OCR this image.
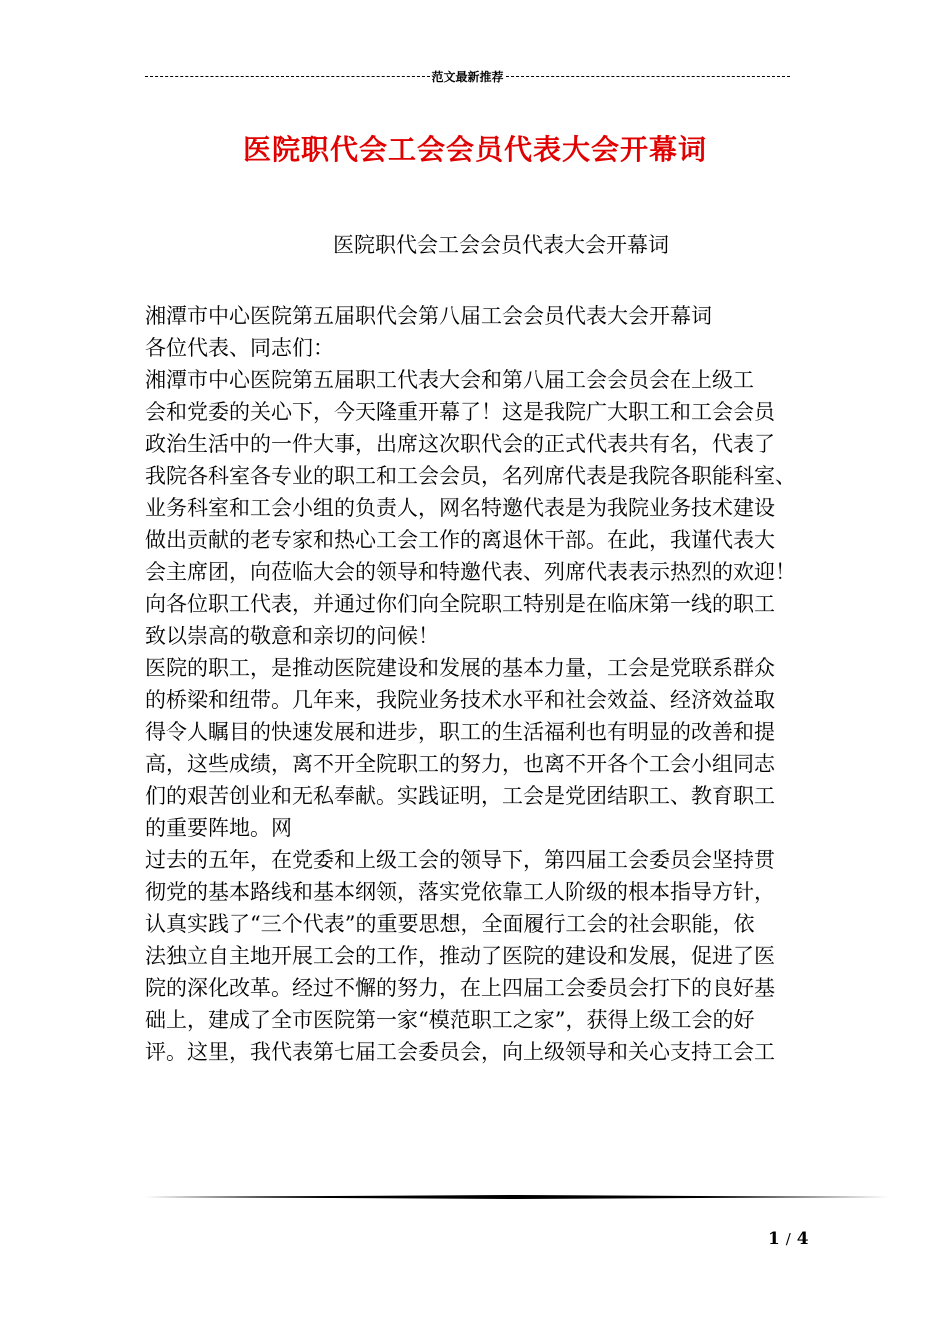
范文最新推荐
医院职代会工会会员代表大会开幕词
医院职代会工会会员代表大会开幕词
湘潭市中心医院第五届职代会第八届工会会员代表大会开幕词
各位代表、同志们：
湘潭市中心医院第五届职工代表大会和第八届工会会员会在上级工
会和党委的关心下，今天隆重开幕了！这是我院广大职工和工会会员
政治生活中的一件大事，出席这次职代会的正式代表共有名，代表了
我院各科室各专业的职工和工会会员，名列席代表是我院各职能科室、
业务科室和工会小组的负责人，网名特邀代表是为我院业务技术建设
做出贡献的老专家和热心工会工作的离退休干部。在此，我谨代表大
会主席团，向莅临大会的领导和特邀代表、列席代表表示热烈的欢迎！
向各位职工代表，并通过你们向全院职工特别是在临床第一线的职工
致以崇高的敬意和亲切的问候！
医院的职工，是推动医院建设和发展的基本力量，工会是党联系群众
的桥梁和纽带。几年来，我院业务技术水平和社会效益、经济效益取
得令人瞩目的快速发展和进步，职工的生活福利也有明显的改善和提
高，这些成绩，离不开全院职工的努力，也离不开各个工会小组同志
们的艰苦创业和无私奉献。实践证明，工会是党团结职工、教育职工
的重要阵地。网
过去的五年，在党委和上级工会的领导下，第四届工会委员会坚持贯
彻党的基本路线和基本纲领，落实党依靠工人阶级的根本指导方针，
认真实践了“三个代表”的重要思想，全面履行工会的社会职能，依
法独立自主地开展工会的工作，推动了医院的建设和发展，促进了医
院的深化改革。经过不懈的努力，在上四届工会委员会打下的良好基
础上，建成了全市医院第一家“模范职工之家”，获得上级工会的好
评。这里，我代表第七届工会委员会，向上级领导和关心支持工会工
1 / 4
